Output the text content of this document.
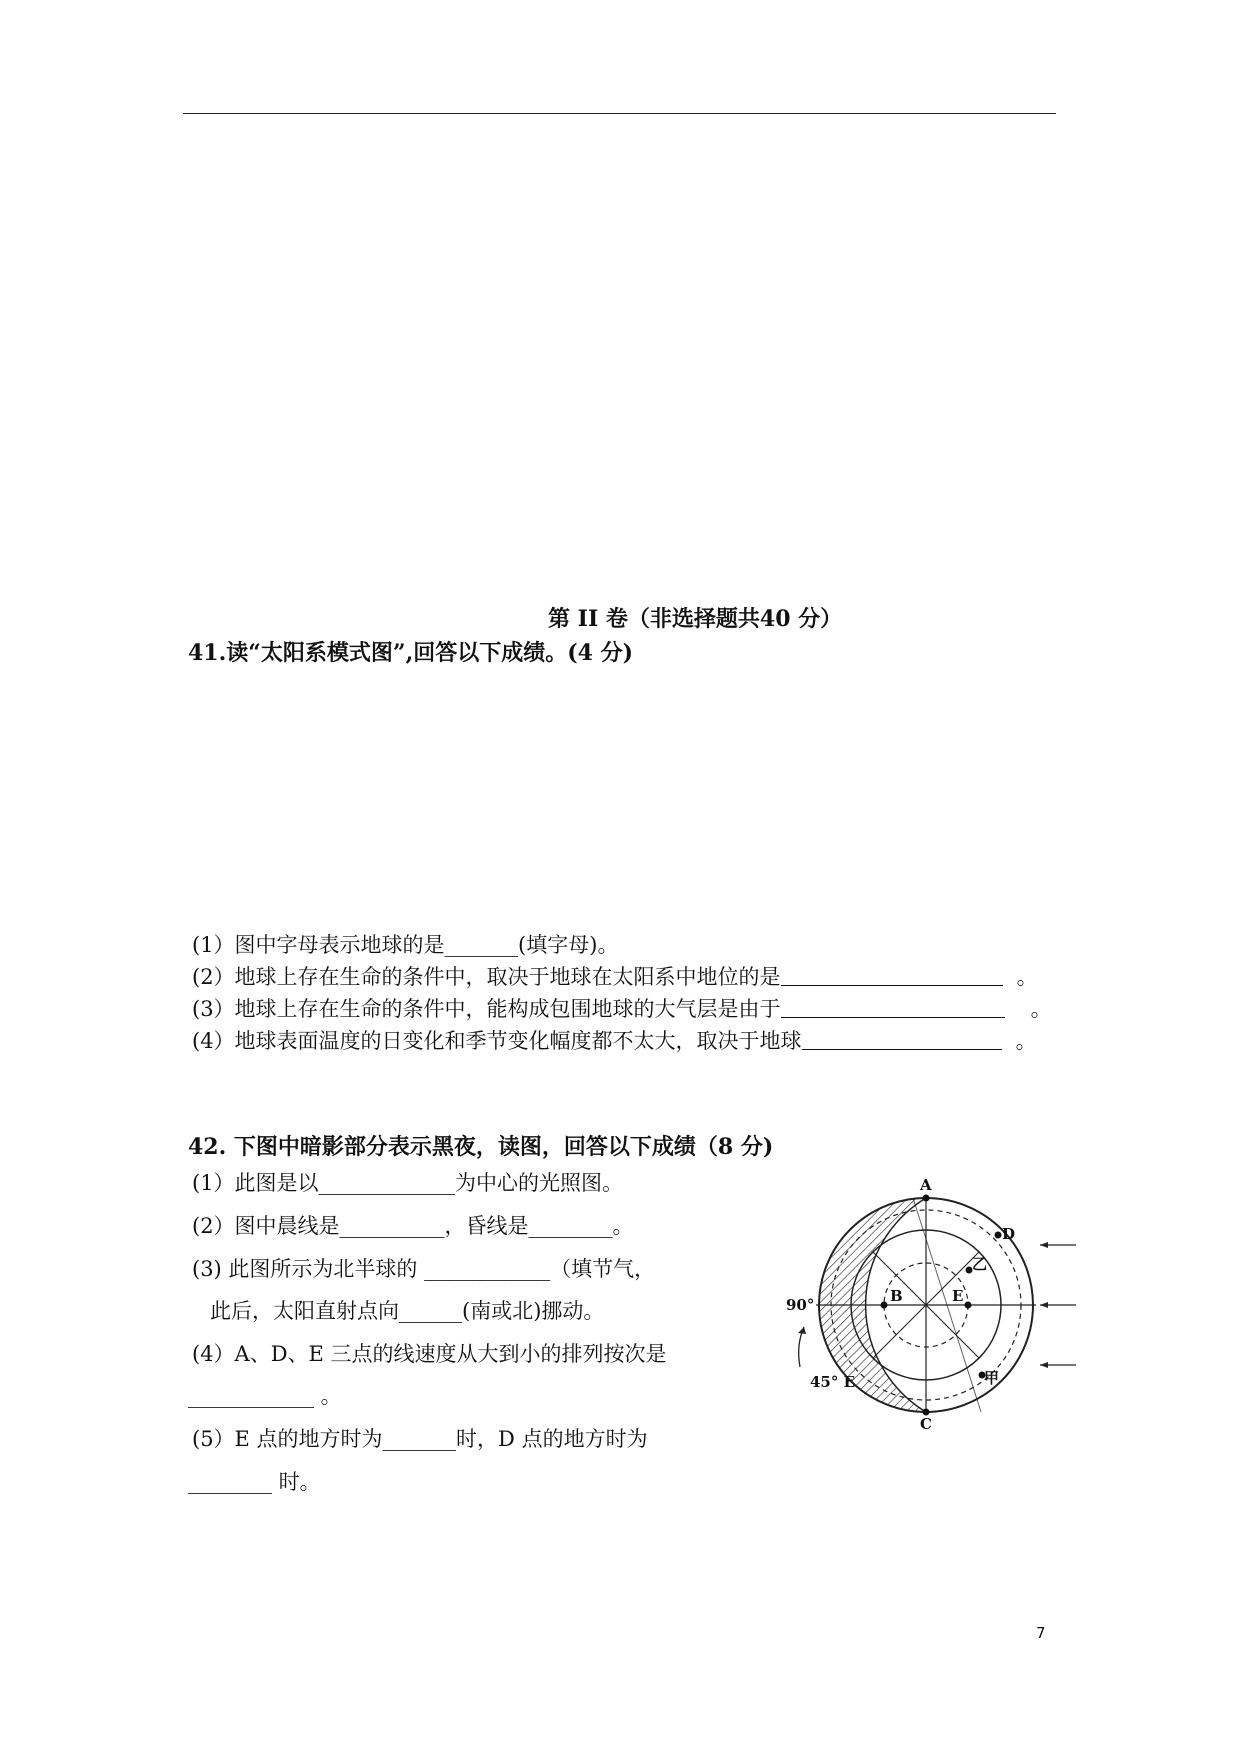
第 II 卷（非选择题共40 分）
41.读“太阳系模式图”,回答以下成绩。(4 分)
(1）图中字母表示地球的是_______(填字母)。
(2）地球上存在生命的条件中，取决于地球在太阳系中地位的是	。
(3）地球上存在生命的条件中，能构成包围地球的大气层是由于	。
(4）地球表面温度的日变化和季节变化幅度都不太大，取决于地球	。
42. 下图中暗影部分表示黑夜，读图，回答以下成绩（8 分)
(1）此图是以_____________为中心的光照图。
(2）图中晨线是__________，昏线是________。
(3) 此图所示为北半球的 ____________（填节气，
此后，太阳直射点向______(南或北)挪动。
(4）A、D、E 三点的线速度从大到小的排列按次是
____________ 。
(5）E 点的地方时为_______时，D 点的地方时为
________ 时。
A
C
B	E
D
乙
甲
90°
45° E
7
